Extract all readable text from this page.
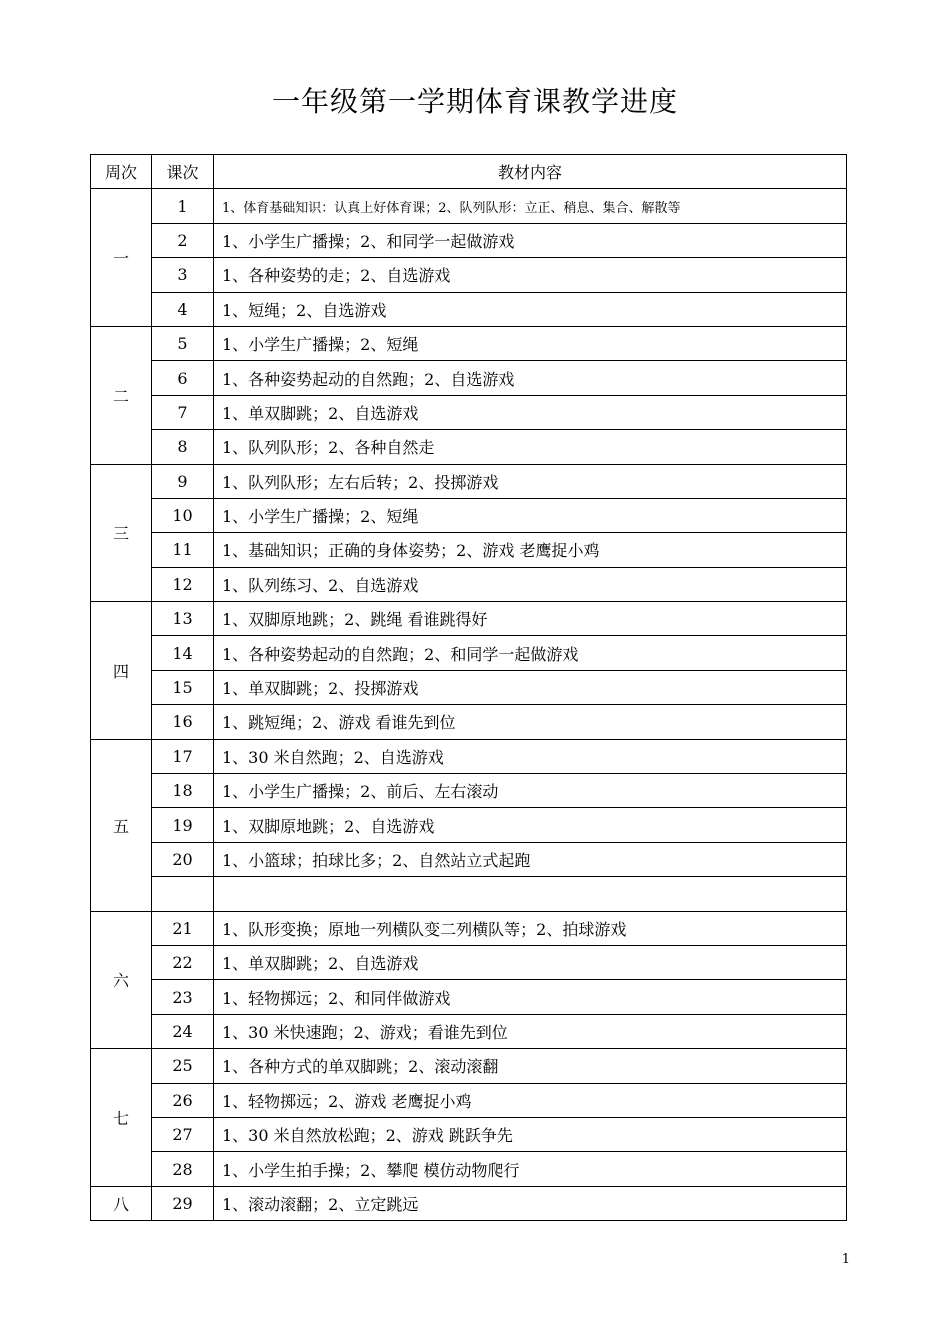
一年级第一学期体育课教学进度
周次	课次	教材内容
一	1	1、体育基础知识：认真上好体育课；2、队列队形：立正、稍息、集合、解散等
	2	1、小学生广播操；2、和同学一起做游戏
	3	1、各种姿势的走；2、自选游戏
	4	1、短绳；2、自选游戏
二	5	1、小学生广播操；2、短绳
	6	1、各种姿势起动的自然跑；2、自选游戏
	7	1、单双脚跳；2、自选游戏
	8	1、队列队形；2、各种自然走
三	9	1、队列队形；左右后转；2、投掷游戏
	10	1、小学生广播操；2、短绳
	11	1、基础知识；正确的身体姿势；2、游戏 老鹰捉小鸡
	12	1、队列练习、2、自选游戏
四	13	1、双脚原地跳；2、跳绳 看谁跳得好
	14	1、各种姿势起动的自然跑；2、和同学一起做游戏
	15	1、单双脚跳；2、投掷游戏
	16	1、跳短绳；2、游戏 看谁先到位
五	17	1、30 米自然跑；2、自选游戏
	18	1、小学生广播操；2、前后、左右滚动
	19	1、双脚原地跳；2、自选游戏
	20	1、小篮球；拍球比多；2、自然站立式起跑

六	21	1、队形变换；原地一列横队变二列横队等；2、拍球游戏
	22	1、单双脚跳；2、自选游戏
	23	1、轻物掷远；2、和同伴做游戏
	24	1、30 米快速跑；2、游戏；看谁先到位
七	25	1、各种方式的单双脚跳；2、滚动滚翻
	26	1、轻物掷远；2、游戏 老鹰捉小鸡
	27	1、30 米自然放松跑；2、游戏 跳跃争先
	28	1、小学生拍手操；2、攀爬 模仿动物爬行
八	29	1、滚动滚翻；2、立定跳远
1
